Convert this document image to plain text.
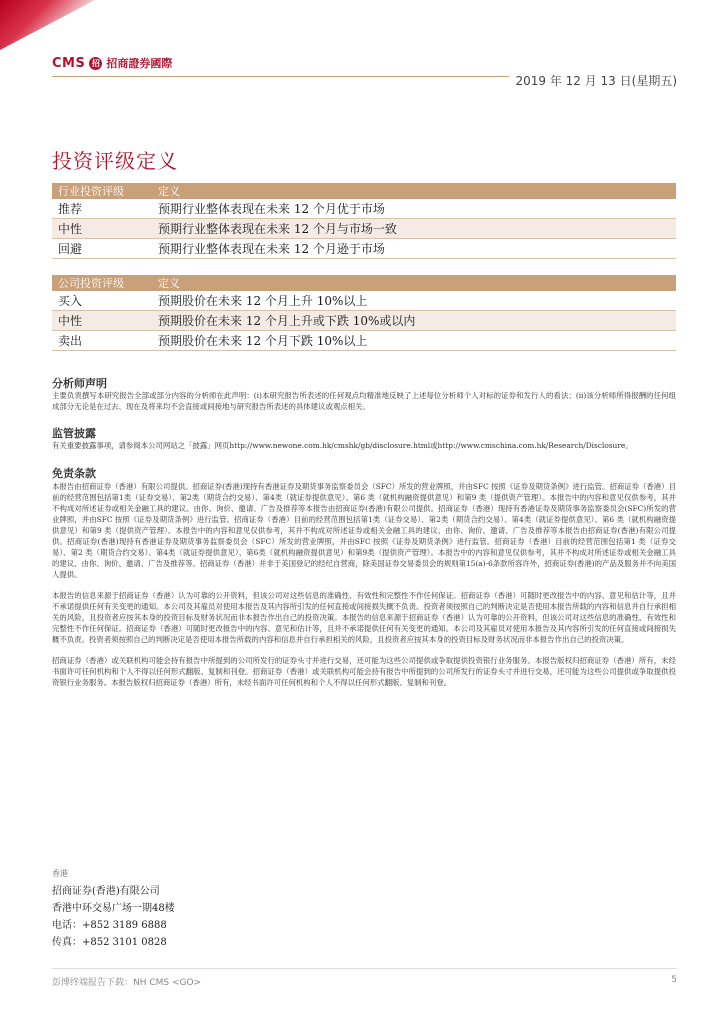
CMS 招 招商證券國際
2019 年 12 月 13 日(星期五)
投资评级定义
行业投资评级	定义
推荐	预期行业整体表现在未来 12 个月优于市场
中性	预期行业整体表现在未来 12 个月与市场一致
回避	预期行业整体表现在未来 12 个月逊于市场
公司投资评级	定义
买入	预期股价在未来 12 个月上升 10%以上
中性	预期股价在未来 12 个月上升或下跌 10%或以内
卖出	预期股价在未来 12 个月下跌 10%以上
分析师声明

主要负责撰写本研究报告全部或部分内容的分析师在此声明：(i)本研究报告所表述的任何观点均精准地反映了上述每位分析师个人对标的证券和发行人的看法；(ii)该分析师所得报酬的任何组成部分无论是在过去、现在及将来均不会直接或间接地与研究报告所表述的具体建议或观点相关。

监管披露

有关重要披露事项，请参阅本公司网站之「披露」网页http://www.newone.com.hk/cmshk/gb/disclosure.html或http://www.cmschina.com.hk/Research/Disclosure。

免责条款

本报告由招商证券（香港）有限公司提供。招商证券(香港)现持有香港证券及期货事务监察委员会（SFC）所发的营业牌照，并由SFC 按照《证券及期货条例》进行监管。招商证券（香港）目前的经营范围包括第1类（证券交易）、第2类（期货合约交易）、第4类（就证券提供意见）、第6 类（就机构融资提供意见）和第9 类（提供资产管理）。本报告中的内容和意见仅供参考，其并不构成对所述证券或相关金融工具的建议。由你、询价、邀请、广告及推荐等本报告由招商证券(香港)有限公司提供。招商证券（香港）现持有香港证券及期货事务监察委员会(SFC)所发的营业牌照，并由SFC 按照《证券及期货条例》进行监管。招商证券（香港）目前的经营范围包括第1类（证券交易）、第2类（期货合约交易）、第4类（就证券提供意见）、第6 类（就机构融资提供意见）和第9 类（提供资产管理）。本报告中的内容和意见仅供参考，其并不构成对所述证券或相关金融工具的建议、由你、询价、邀请、广告及推荐等本报告由招商证券(香港)有限公司提供。招商证券(香港)现持有香港证券及期货事务监察委员会（SFC）所发的营业牌照，并由SFC 按照《证券及期货条例》进行监管。招商证券（香港）目前的经营范围包括第1 类（证券交易）、第2 类（期货合约交易）、第4类（就证券提供意见）、第6类（就机构融资提供意见）和第9类（提供资产管理）。本报告中的内容和意见仅供参考，其并不构成对所述证券或相关金融工具的建议、由你、询价、邀请、广告及推荐等。招商证券（香港）并非于美国登记的经纪自营商，除美国证券交易委员会的规则第15(a)-6条款所容许外，招商证券(香港)的产品及服务并不向美国人提供。

本报告的信息来源于招商证券（香港）认为可靠的公开资料，但该公司对这些信息的准确性、有效性和完整性不作任何保证。招商证券（香港）可随时更改报告中的内容、意见和估计等，且并不承诺提供任何有关变更的通知。本公司及其雇员对使用本报告及其内容所引发的任何直接或间接损失概不负责。投资者须按照自己的判断决定是否使用本报告所载的内容和信息并自行承担相关的风险，且投资者应按其本身的投资目标及财务状况而非本报告作出自己的投资决策。本报告的信息来源于招商证券（香港）认为可靠的公开资料，但该公司对这些信息的准确性、有效性和完整性不作任何保证。招商证券（香港）可随时更改报告中的内容、意见和估计等，且并不承诺提供任何有关变更的通知。本公司及其雇员对使用本报告及其内容所引发的任何直接或间接损失概不负责。投资者须按照自己的判断决定是否使用本报告所载的内容和信息并自行承担相关的风险，且投资者应按其本身的投资目标及财务状况而非本报告作出自己的投资决策。

招商证券（香港）或关联机构可能会持有报告中所提到的公司所发行的证券头寸并进行交易，还可能为这些公司提供或争取提供投资银行业务服务。本报告版权归招商证券（香港）所有，未经书面许可任何机构和个人不得以任何形式翻版、复制和刊登。招商证券（香港）或关联机构可能会持有报告中所提到的公司所发行的证券头寸并进行交易，还可能为这些公司提供或争取提供投资银行业务服务。本报告版权归招商证券（香港）所有，未经书面许可任何机构和个人不得以任何形式翻版、复制和刊登。

香港
招商证券(香港)有限公司
香港中环交易广场一期48楼
电话：+852 3189 6888
传真：+852 3101 0828
彭博终端报告下载：NH CMS <GO>	5
